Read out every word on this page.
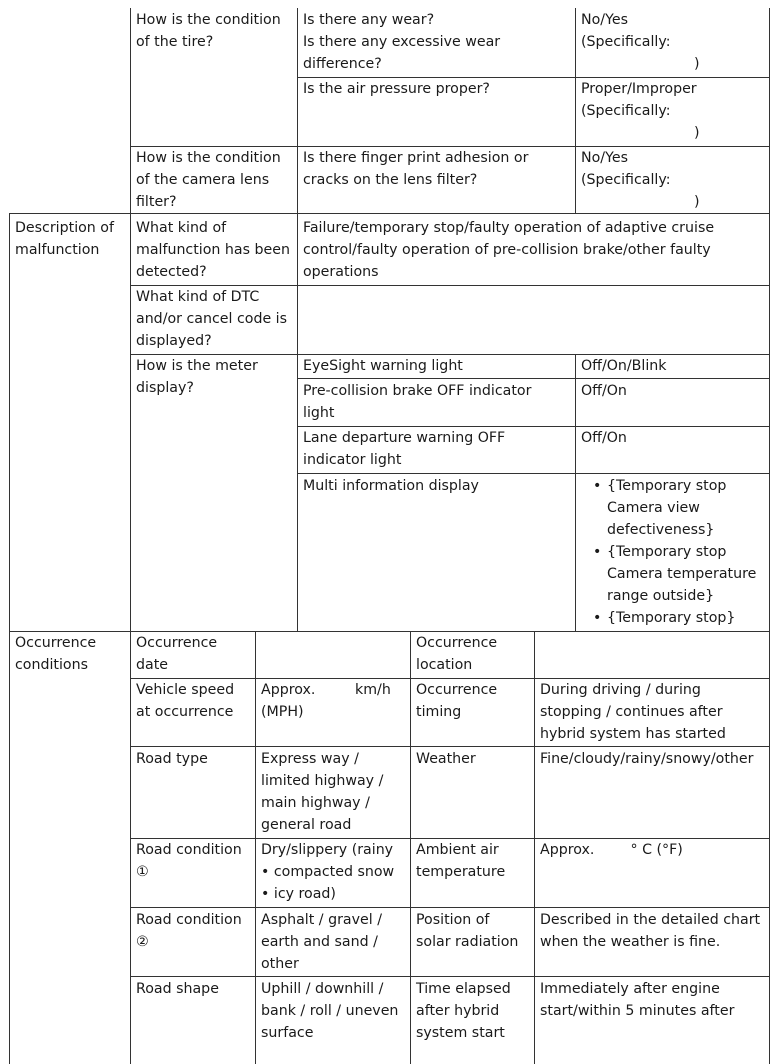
How is the condition
of the tire?
Is there any wear?
Is there any excessive wear
difference?
No/Yes
(Specifically:
)
Is the air pressure proper?	Proper/Improper
(Specifically:
)
How is the condition
of the camera lens
filter?
Is there finger print adhesion or
cracks on the lens filter?
No/Yes
(Specifically:
)
Description of
malfunction
What kind of
malfunction has been
detected?
Failure/temporary stop/faulty operation of adaptive cruise
control/faulty operation of pre-collision brake/other faulty
operations
What kind of DTC
and/or cancel code is
displayed?
How is the meter
display?
EyeSight warning light	Off/On/Blink
Pre-collision brake OFF indicator
light
Off/On
Lane departure warning OFF
indicator light
Off/On
Multi information display
•	{Temporary stop
Camera view
defectiveness}
• {Temporary stop
Camera temperature
range outside}
• {Temporary stop}
Occurrence
conditions
Occurrence
date
Occurrence
location
Vehicle speed
at occurrence
Approx.
(MPH)
km/h Occurrence
timing
During driving / during
stopping / continues after
hybrid system has started
Road type	Express way /
limited highway /
main highway /
general road
Weather	Fine/cloudy/rainy/snowy/other
Road condition
①
Dry/slippery (rainy
• compacted snow
• icy road)
Ambient air
temperature
Approx.        ° C (°F)
Road condition
②
Asphalt / gravel /
earth and sand /
other
Position of
solar radiation
Described in the detailed chart
when the weather is fine.
Road shape	Uphill / downhill /
bank / roll / uneven
surface
Time elapsed
after hybrid
system start
Immediately after engine
start/within 5 minutes after
